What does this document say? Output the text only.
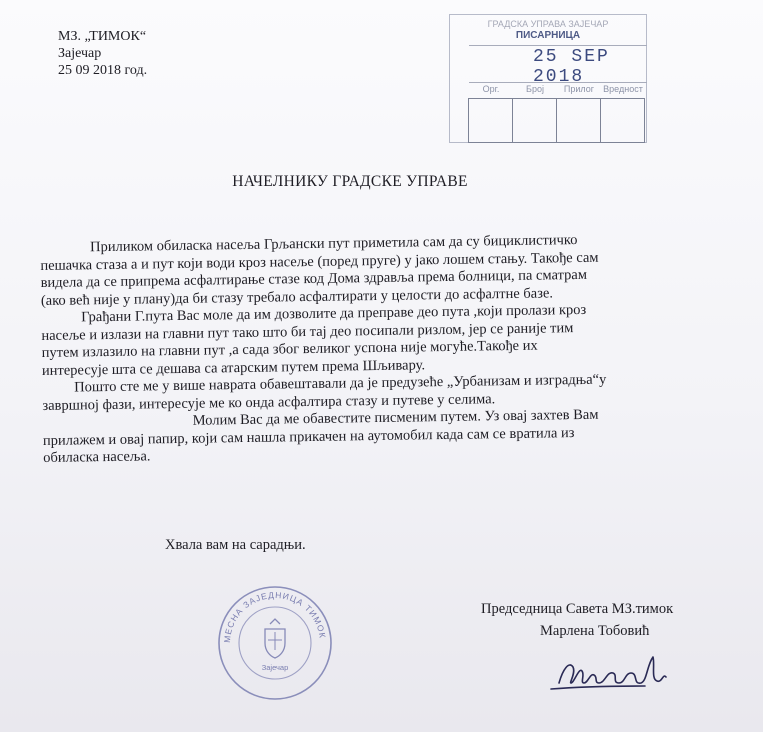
МЗ. „ТИМОК“
Зајечар
25 09 2018 год.
ГРАДСКА УПРАВА ЗАЈЕЧАР
ПИСАРНИЦА
25 SEP 2018
Орг.	Број	Прилог	Вредност
НАЧЕЛНИКУ ГРАДСКЕ УПРАВЕ

Приликом обиласка насеља Грљански пут приметила сам да су бициклистичко

пешачка стаза а и пут који води кроз насеље (поред пруге) у јако лошем стању. Такође сам

видела да се припрема асфалтирање стазе код Дома здравља према болници, па сматрам

(ако већ није у плану)да би стазу требало асфалтирати у целости до асфалтне базе.

Грађани Г.пута Вас моле да им дозволите да преправе део пута ,који пролази кроз

насеље и излази на главни пут тако што би тај део посипали ризлом, јер се раније тим

путем излазило на главни пут ,а сада због великог успона није могуће.Такође их

интересује шта се дешава са атарским путем према Шљивару.

Пошто сте ме у више наврата обавештавали да је предузеће „Урбанизам и изградња“у

завршној фази, интересује ме ко онда асфалтира стазу и путеве у селима.

Молим Вас да ме обавестите писменим путем. Уз овај захтев Вам

прилажем и овај папир, који сам нашла прикачен на аутомобил када сам се вратила из

обиласка насеља.

Хвала вам на сарадњи.
МЕСНА ЗАЈЕДНИЦА ТИМОК
Зајечар
Председница Савета МЗ.тимок
Марлена Тобовић
